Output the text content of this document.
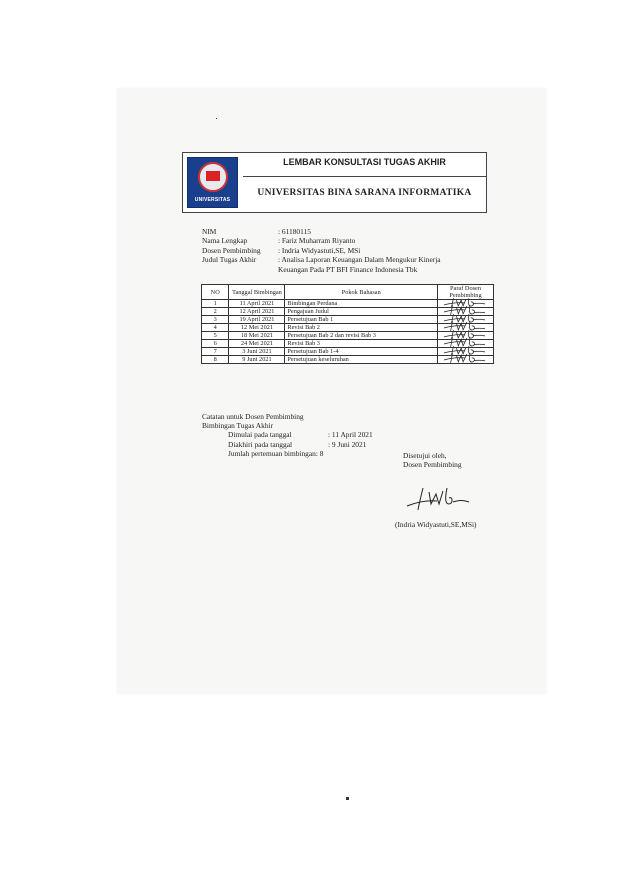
UNIVERSITAS
LEMBAR KONSULTASI TUGAS AKHIR
UNIVERSITAS BINA SARANA INFORMATIKA
NIM	: 61180115
Nama Lengkap	: Fariz Muharram Riyanto
Dosen Pembimbing	: Indria Widyastuti,SE, MSi
Judul Tugas Akhir	: Analisa Laporan Keuangan Dalam Mengukur Kinerja
Keuangan Pada PT BFI Finance Indonesia Tbk
NO	Tanggal Bimbingan	Pokok Bahasan	Paraf Dosen Pembimbing
1	11 April 2021	Bimbingan Perdana	

2	12 April 2021	Pengajuan Judul	

3	19 April 2021	Persetujuan Bab 1	

4	12 Mei 2021	Revisi Bab 2	

5	18 Mei 2021	Persetujuan Bab 2 dan revisi Bab 3	

6	24 Mei 2021	Revisi Bab 3	

7	3 Juni 2021	Persetujuan Bab 1-4	

8	9 Juni 2021	Persetujuan keseluruhan	
Catatan untuk Dosen Pembimbing
Bimbingan Tugas Akhir
Dimulai pada tanggal	: 11 April 2021
Diakhiri pada tanggal	: 9 Juni 2021
Jumlah pertemuan bimbingan : 8	Disetujui oleh,
Dosen Pembimbing
(Indria Widyastuti,SE,MSi)
